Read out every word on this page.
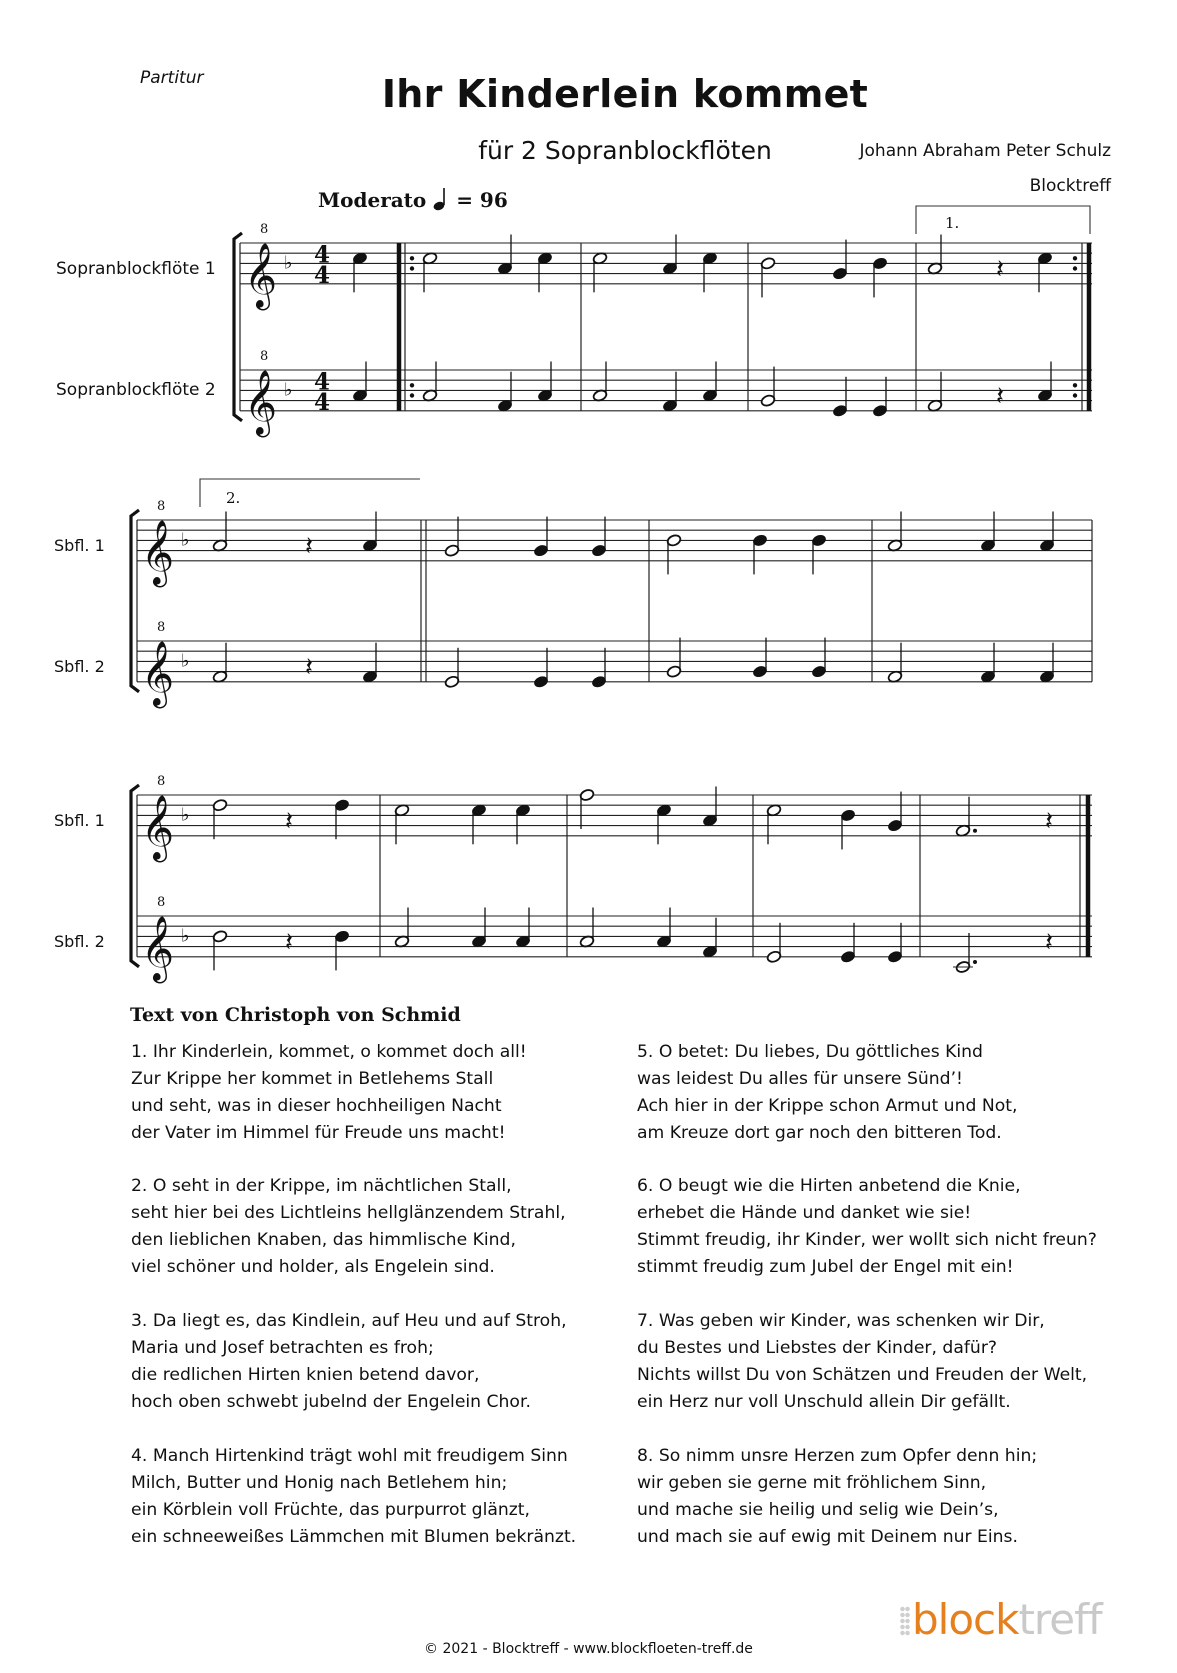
Partitur	Ihr Kinderlein kommet
für 2 Sopranblockflöten	Johann Abraham Peter Schulz
Blocktreff
Moderato = 96
𝄞
8
♭ 4
4
𝄞
8
♭ 4
4
𝄽
𝄽
𝄞
8
♭
𝄞
8
♭
𝄽
𝄽
𝄞
8
♭
𝄞
8
♭
𝄽
𝄽
𝄽
𝄽
Sopranblockflöte 1
Sopranblockflöte 2
Sbfl. 1
Sbfl. 2
Sbfl. 1
Sbfl. 2
1.
2.
Text von Christoph von Schmid
1. Ihr Kinderlein, kommet, o kommet doch all!
Zur Krippe her kommet in Betlehems Stall
und seht, was in dieser hochheiligen Nacht
der Vater im Himmel für Freude uns macht!
2. O seht in der Krippe, im nächtlichen Stall,
seht hier bei des Lichtleins hellglänzendem Strahl,
den lieblichen Knaben, das himmlische Kind,
viel schöner und holder, als Engelein sind.
3. Da liegt es, das Kindlein, auf Heu und auf Stroh,
Maria und Josef betrachten es froh;
die redlichen Hirten knien betend davor,
hoch oben schwebt jubelnd der Engelein Chor.
4. Manch Hirtenkind trägt wohl mit freudigem Sinn
Milch, Butter und Honig nach Betlehem hin;
ein Körblein voll Früchte, das purpurrot glänzt,
ein schneeweißes Lämmchen mit Blumen bekränzt.
5. O betet: Du liebes, Du göttliches Kind
was leidest Du alles für unsere Sünd’!
Ach hier in der Krippe schon Armut und Not,
am Kreuze dort gar noch den bitteren Tod.
6. O beugt wie die Hirten anbetend die Knie,
erhebet die Hände und danket wie sie!
Stimmt freudig, ihr Kinder, wer wollt sich nicht freun?
stimmt freudig zum Jubel der Engel mit ein!
7. Was geben wir Kinder, was schenken wir Dir,
du Bestes und Liebstes der Kinder, dafür?
Nichts willst Du von Schätzen und Freuden der Welt,
ein Herz nur voll Unschuld allein Dir gefällt.
8. So nimm unsre Herzen zum Opfer denn hin;
wir geben sie gerne mit fröhlichem Sinn,
und mache sie heilig und selig wie Dein’s,
und mach sie auf ewig mit Deinem nur Eins.
© 2021 - Blocktreff - www.blockfloeten-treff.de
blocktreff
